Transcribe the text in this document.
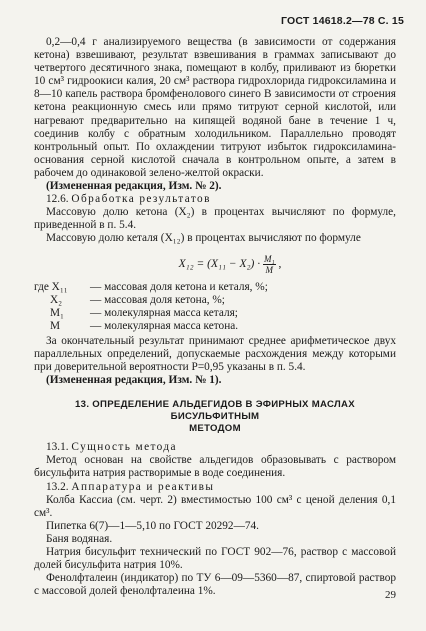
ГОСТ 14618.2—78 С. 15

0,2—0,4 г анализируемого вещества (в зависимости от содержания кетона) взвешивают, результат взвешивания в граммах записывают до четвертого десятичного знака, помещают в колбу, приливают из бюретки 10 см³ гидроокиси калия, 20 см³ раствора гидрохлорида гидроксиламина и 8—10 капель раствора бромфенолового синего В зависимости от строения кетона реакционную смесь или прямо титруют серной кислотой, или нагревают предварительно на кипящей водяной бане в течение 1 ч, соединив колбу с обратным холодильником. Параллельно проводят контрольный опыт. По охлаждении титруют избыток гидроксиламина-основания серной кислотой сначала в контрольном опыте, а затем в рабочем до одинаковой зелено-желтой окраски.

(Измененная редакция, Изм. № 2).

12.6. Обработка результатов

Массовую долю кетона (X₂) в процентах вычисляют по формуле, приведенной в п. 5.4.

Массовую долю кеталя (X₁₂) в процентах вычисляют по формуле

$X_{12} = (X_{11} - X_2) \cdot \frac{\text{M₁}}{M}$ ,
где X₁₁	— массовая доля кетона и кеталя, %;
X₂	— массовая доля кетона, %;
M₁	— молекулярная масса кеталя;
M	— молекулярная масса кетона.

За окончательный результат принимают среднее арифметическое двух параллельных определений, допускаемые расхождения между которыми при доверительной вероятности P=0,95 указаны в п. 5.4.

(Измененная редакция, Изм. № 1).

13. ОПРЕДЕЛЕНИЕ АЛЬДЕГИДОВ В ЭФИРНЫХ МАСЛАХ БИСУЛЬФИТНЫМ
МЕТОДОМ

13.1. Сущность метода

Метод основан на свойстве альдегидов образовывать с раствором бисульфита натрия растворимые в воде соединения.

13.2. Аппаратура и реактивы

Колба Кассиа (см. черт. 2) вместимостью 100 см³ с ценой деления 0,1 см³.

Пипетка 6(7)—1—5,10 по ГОСТ 20292—74.

Баня водяная.

Натрия бисульфит технический по ГОСТ 902—76, раствор с массовой долей бисульфита натрия 10%.

Фенолфталеин (индикатор) по ТУ 6—09—5360—87, спиртовой раствор с массовой долей фенолфталеина 1%.	29
